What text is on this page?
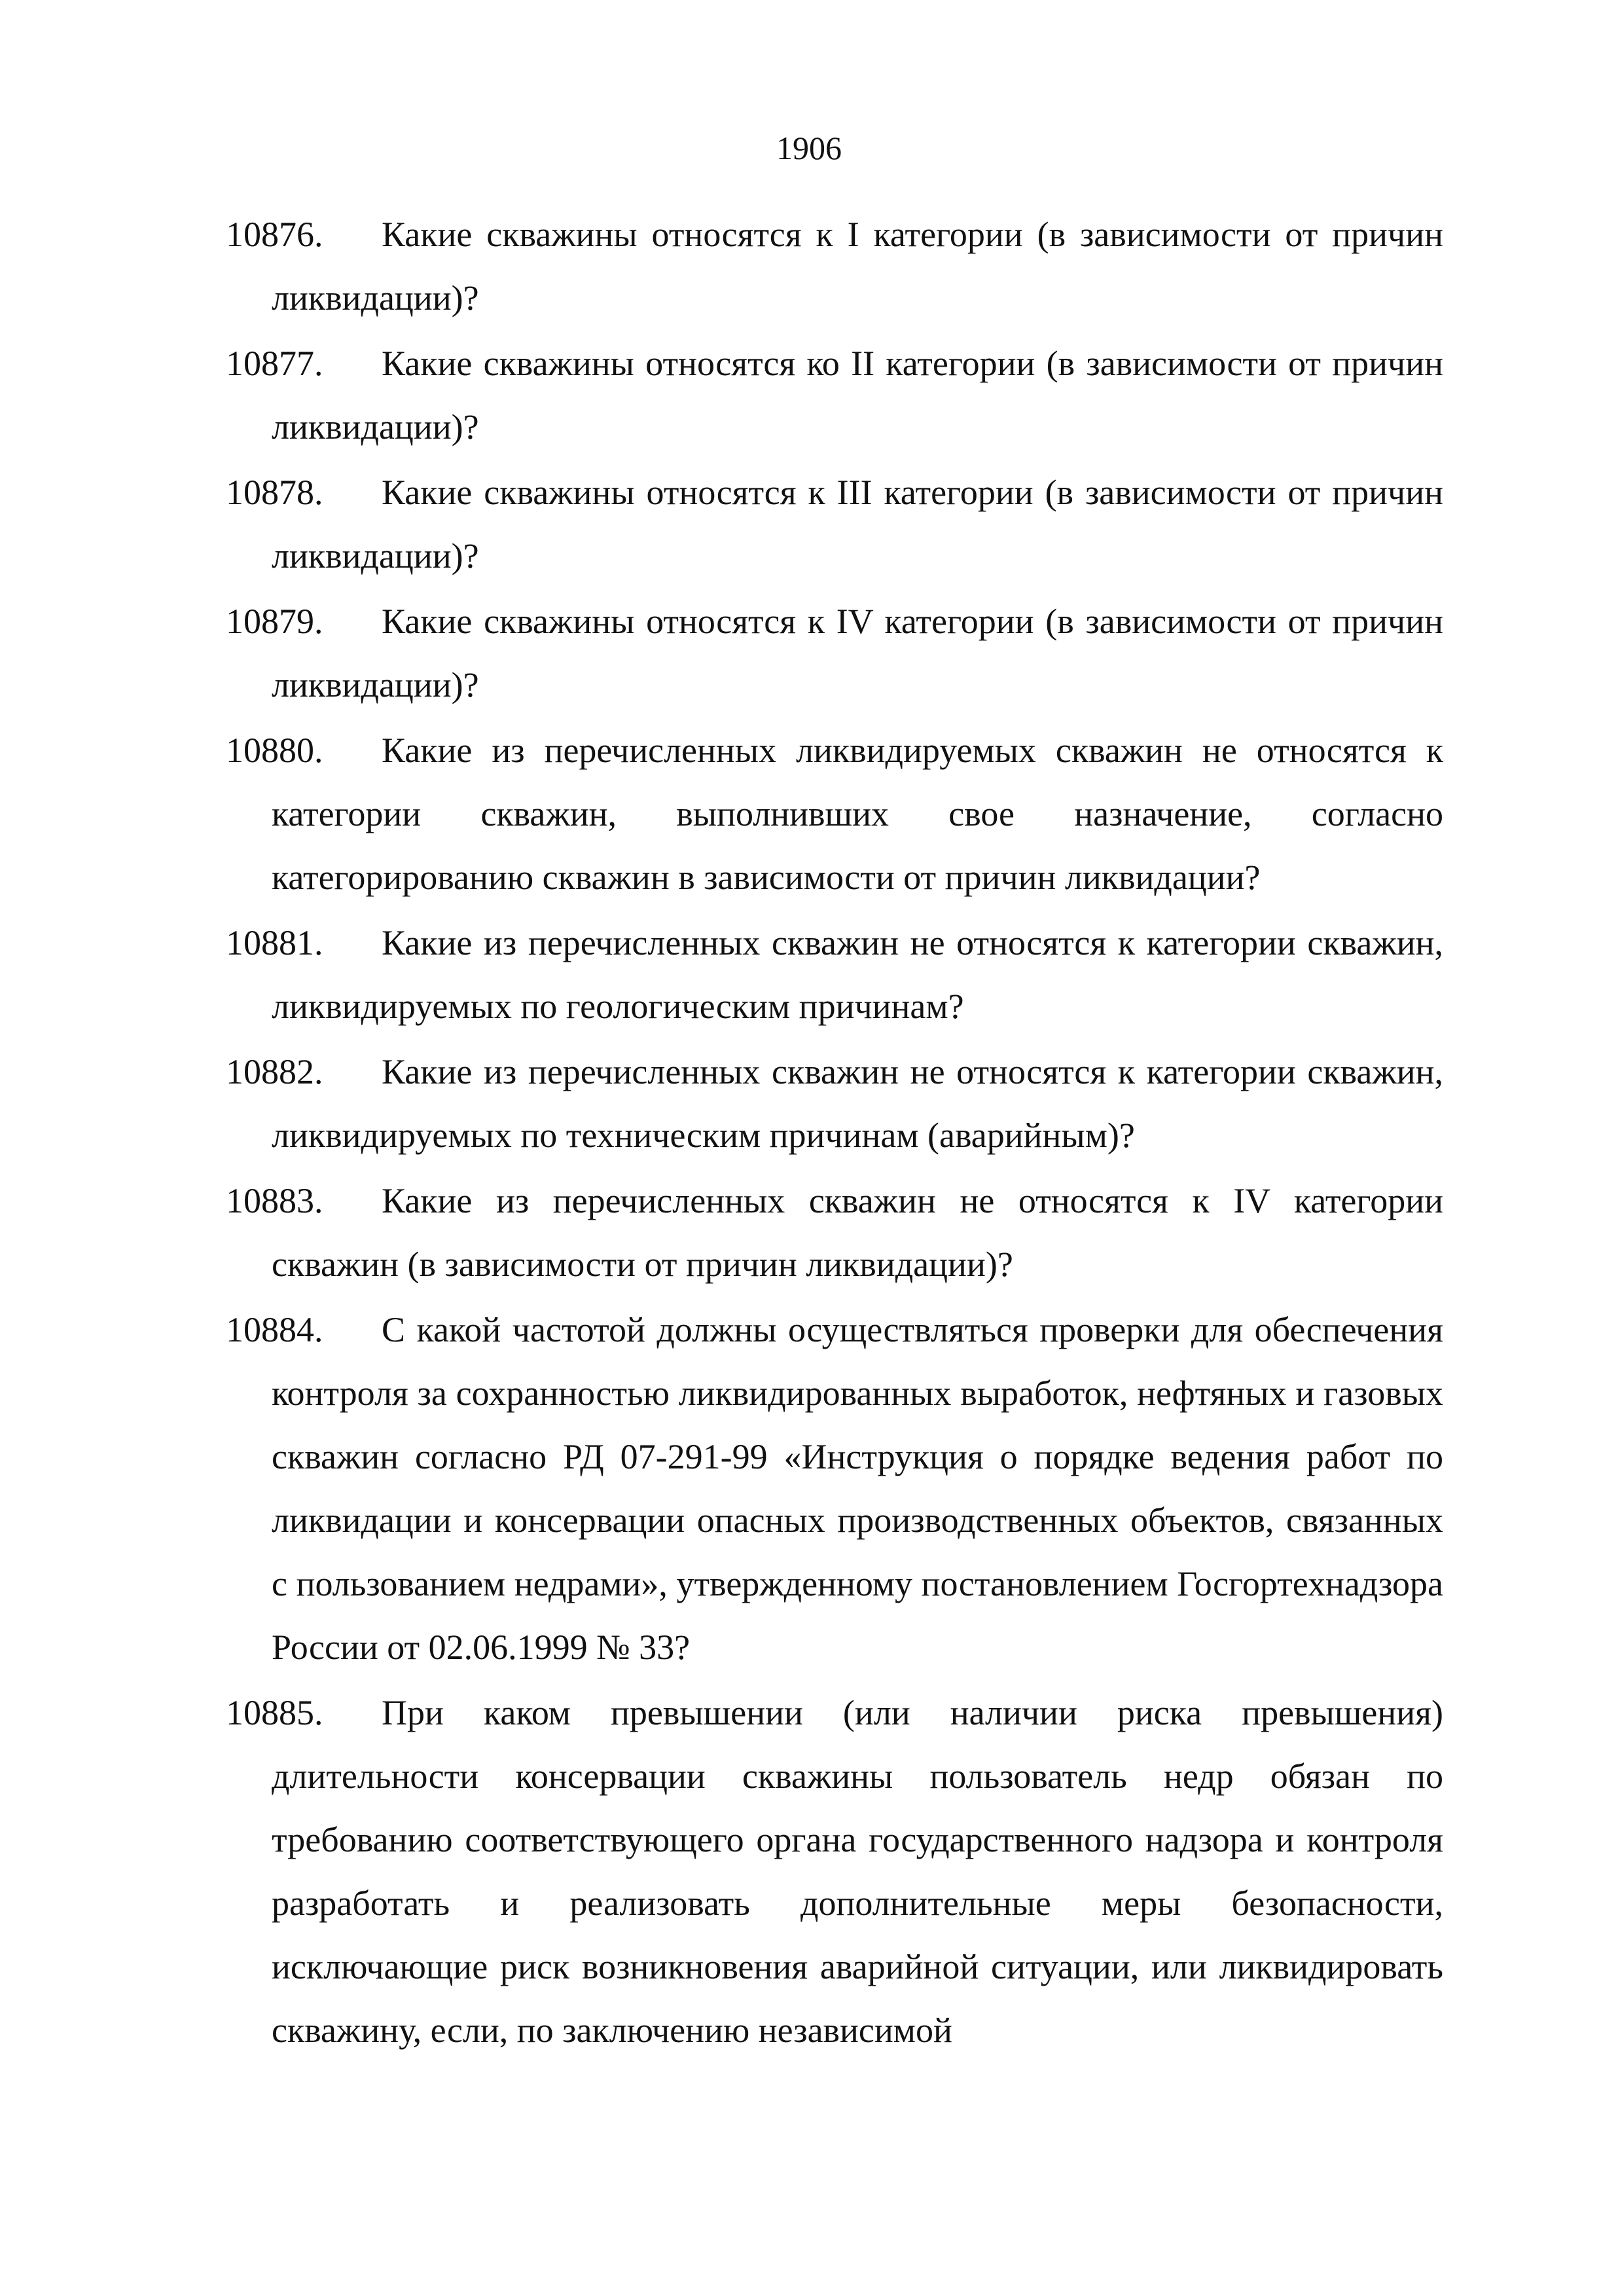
1906
10876.	Какие скважины относятся к I категории (в зависимости от причин ликвидации)?
10877.	Какие скважины относятся ко II категории (в зависимости от причин ликвидации)?
10878.	Какие скважины относятся к III категории (в зависимости от причин ликвидации)?
10879.	Какие скважины относятся к IV категории (в зависимости от причин ликвидации)?
10880.	Какие из перечисленных ликвидируемых скважин не относятся к категории скважин, выполнивших свое назначение, согласно категорированию скважин в зависимости от причин ликвидации?
10881.	Какие из перечисленных скважин не относятся к категории скважин, ликвидируемых по геологическим причинам?
10882.	Какие из перечисленных скважин не относятся к категории скважин, ликвидируемых по техническим причинам (аварийным)?
10883.	Какие из перечисленных скважин не относятся к IV категории скважин (в зависимости от причин ликвидации)?
10884.	С какой частотой должны осуществляться проверки для обеспечения контроля за сохранностью ликвидированных выработок, нефтяных и газовых скважин согласно РД 07-291-99 «Инструкция о порядке ведения работ по ликвидации и консервации опасных производственных объектов, связанных с пользованием недрами», утвержденному постановлением Госгортехнадзора России от 02.06.1999 № 33?
10885.	При каком превышении (или наличии риска превышения) длительности консервации скважины пользователь недр обязан по требованию соответствующего органа государственного надзора и контроля разработать и реализовать дополнительные меры безопасности, исключающие риск возникновения аварийной ситуации, или ликвидировать скважину, если, по заключению независимой
